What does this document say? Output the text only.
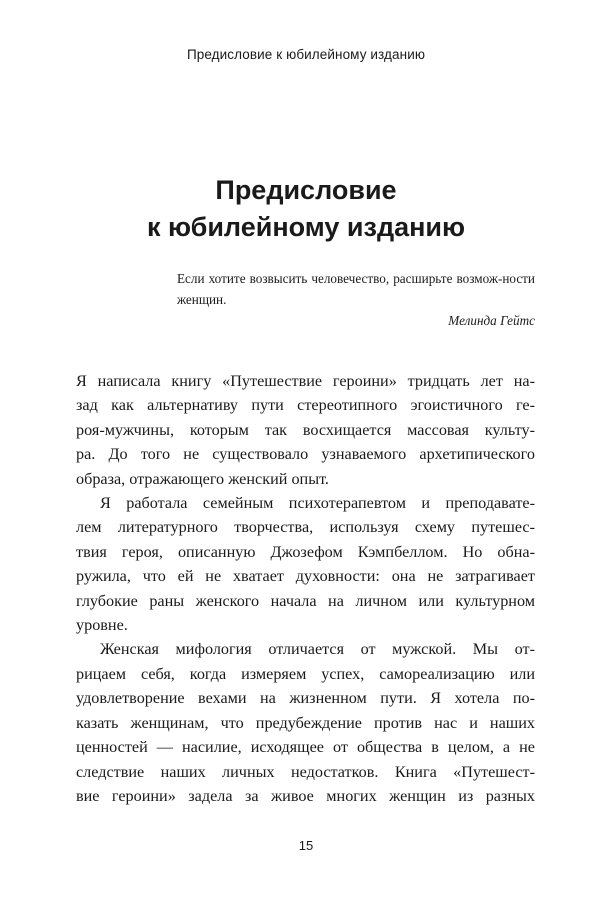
Предисловие к юбилейному изданию
Предисловие
к юбилейному изданию
Если хотите возвысить человечество, расширьте возмож-ности женщин.
Мелинда Гейтс

Я написала книгу «Путешествие героини» тридцать лет на-
зад как альтернативу пути стереотипного эгоистичного ге-
роя-мужчины, которым так восхищается массовая культу-
ра. До того не существовало узнаваемого архетипического
образа, отражающего женский опыт.

Я работала семейным психотерапевтом и преподавате-
лем литературного творчества, используя схему путешес-
твия героя, описанную Джозефом Кэмпбеллом. Но обна-
ружила, что ей не хватает духовности: она не затрагивает
глубокие раны женского начала на личном или культурном
уровне.

Женская мифология отличается от мужской. Мы от-
рицаем себя, когда измеряем успех, самореализацию или
удовлетворение вехами на жизненном пути. Я хотела по-
казать женщинам, что предубеждение против нас и наших
ценностей — насилие, исходящее от общества в целом, а не
следствие наших личных недостатков. Книга «Путешест-
вие героини» задела за живое многих женщин из разных

15
